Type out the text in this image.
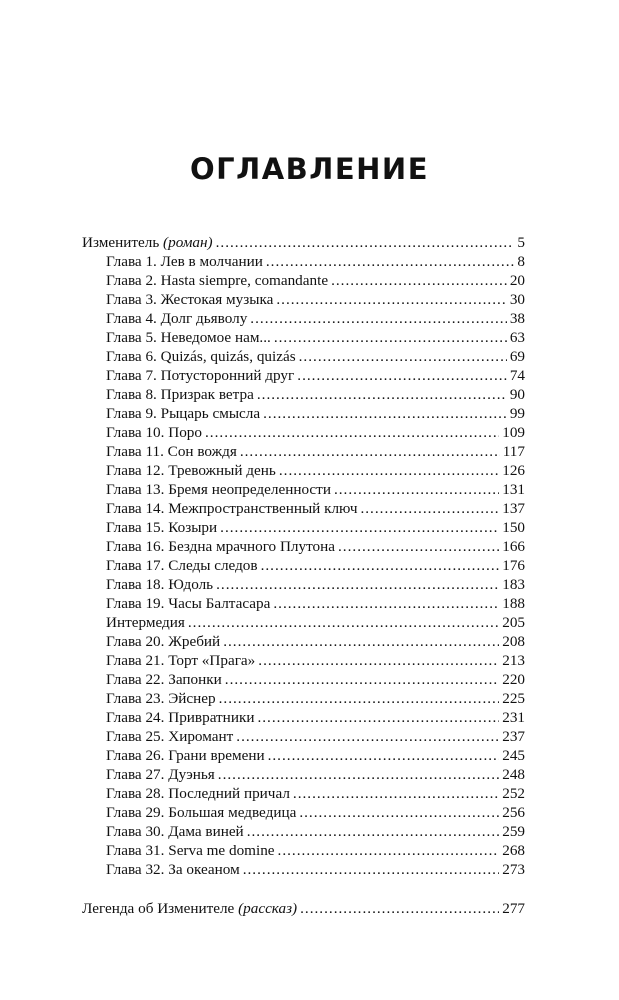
ОГЛАВЛЕНИЕ
Изменитель (роман) .....	5
Глава 1. Лев в молчании .....	8
Глава 2. Hasta siempre, comandante .....	20
Глава 3. Жестокая музыка .....	30
Глава 4. Долг дьяволу .....	38
Глава 5. Неведомое нам... .....	63
Глава 6. Quizás, quizás, quizás .....	69
Глава 7. Потусторонний друг .....	74
Глава 8. Призрак ветра .....	90
Глава 9. Рыцарь смысла .....	99
Глава 10. Поро .....	109
Глава 11. Сон вождя .....	117
Глава 12. Тревожный день .....	126
Глава 13. Бремя неопределенности .....	131
Глава 14. Межпространственный ключ .....	137
Глава 15. Козыри .....	150
Глава 16. Бездна мрачного Плутона .....	166
Глава 17. Следы следов .....	176
Глава 18. Юдоль .....	183
Глава 19. Часы Балтасара .....	188
Интермедия .....	205
Глава 20. Жребий .....	208
Глава 21. Торт «Прага» .....	213
Глава 22. Запонки .....	220
Глава 23. Эйснер .....	225
Глава 24. Привратники .....	231
Глава 25. Хиромант .....	237
Глава 26. Грани времени .....	245
Глава 27. Дуэнья .....	248
Глава 28. Последний причал .....	252
Глава 29. Большая медведица .....	256
Глава 30. Дама виней .....	259
Глава 31. Serva me domine .....	268
Глава 32. За океаном .....	273
Легенда об Изменителе (рассказ) .....	277
